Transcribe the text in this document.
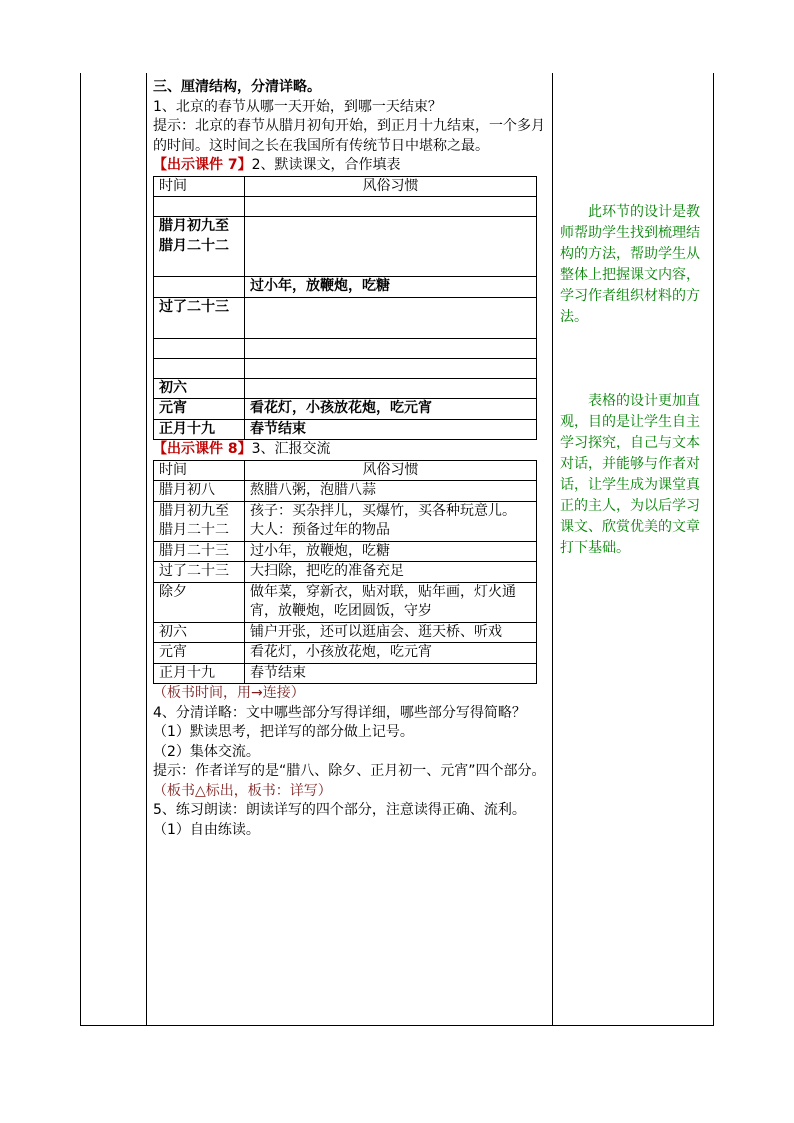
三、厘清结构，分清详略。

1、北京的春节从哪一天开始，到哪一天结束？

提示：北京的春节从腊月初旬开始，到正月十九结束，一个多月的时间。这时间之长在我国所有传统节日中堪称之最。

【出示课件 7】2、默读课文，合作填表

时间	风俗习惯

腊月初九至腊月二十二	
	过小年，放鞭炮，吃糖
过了二十三	

初六	
元宵	看花灯，小孩放花炮，吃元宵
正月十九	春节结束

【出示课件 8】3、汇报交流

时间	风俗习惯
腊月初八	熬腊八粥，泡腊八蒜
腊月初九至腊月二十二	孩子：买杂拌儿，买爆竹，买各种玩意儿。
大人：预备过年的物品
腊月二十三	过小年，放鞭炮，吃糖
过了二十三	大扫除，把吃的准备充足
除夕	做年菜，穿新衣，贴对联，贴年画，灯火通宵，放鞭炮，吃团圆饭，守岁
初六	铺户开张，还可以逛庙会、逛天桥、听戏
元宵	看花灯，小孩放花炮，吃元宵
正月十九	春节结束

（板书时间，用→连接）

4、分清详略：文中哪些部分写得详细，哪些部分写得简略？

（1）默读思考，把详写的部分做上记号。

（2）集体交流。

提示：作者详写的是“腊八、除夕、正月初一、元宵”四个部分。（板书△标出，板书：详写）

5、练习朗读：朗读详写的四个部分，注意读得正确、流利。

（1）自由练读。

此环节的设计是教师帮助学生找到梳理结构的方法，帮助学生从整体上把握课文内容，学习作者组织材料的方法。

表格的设计更加直观，目的是让学生自主学习探究，自己与文本对话，并能够与作者对话，让学生成为课堂真正的主人，为以后学习课文、欣赏优美的文章打下基础。
